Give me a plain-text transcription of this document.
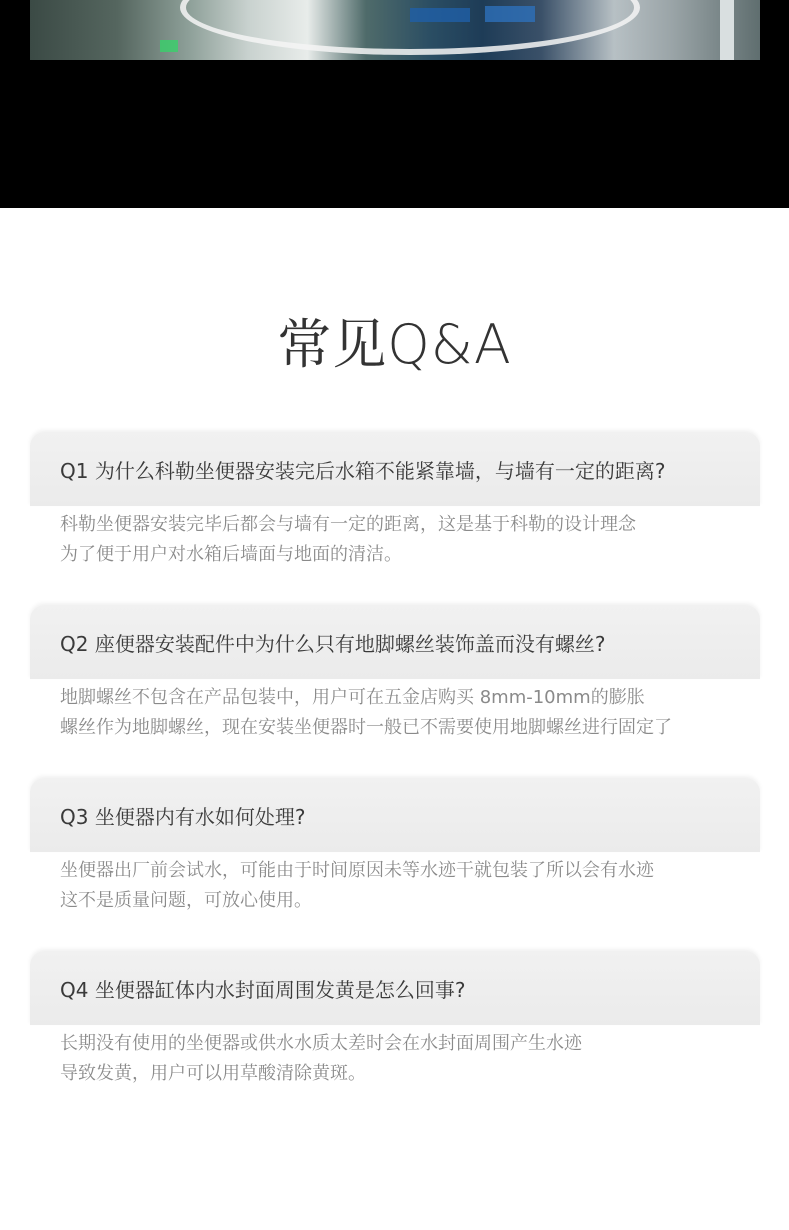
常见Q&A
Q1 为什么科勒坐便器安装完后水箱不能紧靠墙，与墙有一定的距离?
科勒坐便器安装完毕后都会与墙有一定的距离，这是基于科勒的设计理念
为了便于用户对水箱后墙面与地面的清洁。
Q2 座便器安装配件中为什么只有地脚螺丝装饰盖而没有螺丝?
地脚螺丝不包含在产品包装中，用户可在五金店购买 8mm-10mm的膨胀
螺丝作为地脚螺丝，现在安装坐便器时一般已不需要使用地脚螺丝进行固定了
Q3 坐便器内有水如何处理?
坐便器出厂前会试水，可能由于时间原因未等水迹干就包装了所以会有水迹
这不是质量问题，可放心使用。
Q4 坐便器缸体内水封面周围发黄是怎么回事?
长期没有使用的坐便器或供水水质太差时会在水封面周围产生水迹
导致发黄，用户可以用草酸清除黄斑。
